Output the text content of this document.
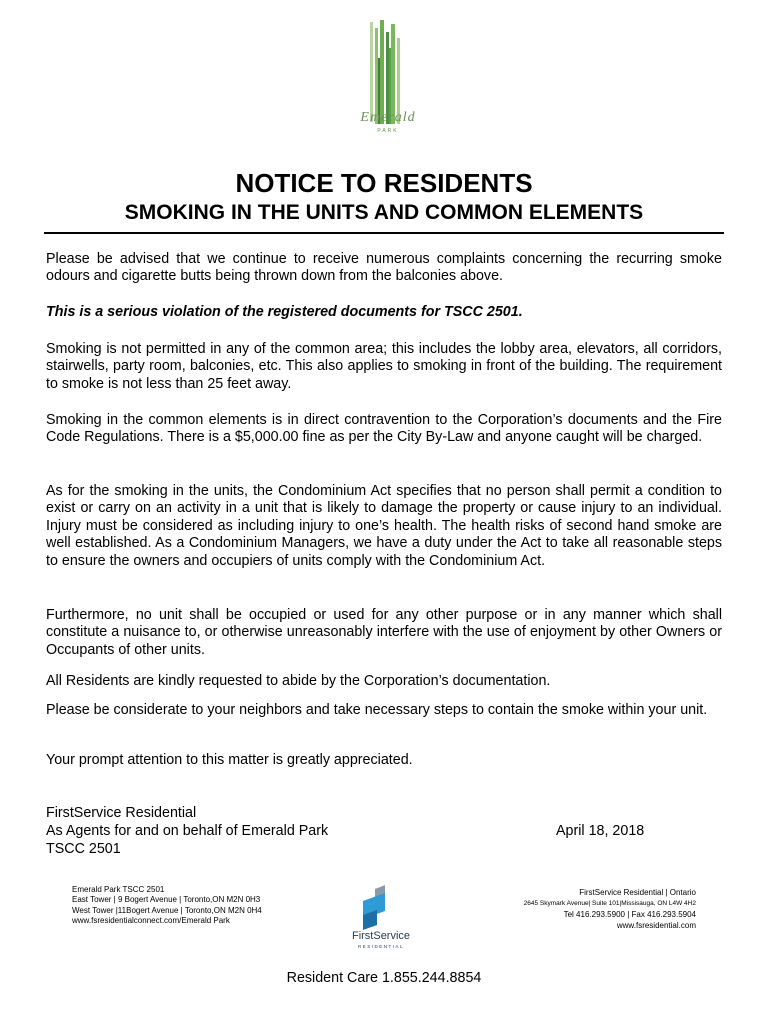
Emerald
PARK
NOTICE TO RESIDENTS
SMOKING IN THE UNITS AND COMMON ELEMENTS

Please be advised that we continue to receive numerous complaints concerning the recurring smoke odours and cigarette butts being thrown down from the balconies above.

This is a serious violation of the registered documents for TSCC 2501.

Smoking is not permitted in any of the common area; this includes the lobby area, elevators, all corridors, stairwells, party room, balconies, etc. This also applies to smoking in front of the building. The requirement to smoke is not less than 25 feet away.

Smoking in the common elements is in direct contravention to the Corporation’s documents and the Fire Code Regulations. There is a $5,000.00 fine as per the City By-Law and anyone caught will be charged.

As for the smoking in the units, the Condominium Act specifies that no person shall permit a condition to exist or carry on an activity in a unit that is likely to damage the property or cause injury to an individual. Injury must be considered as including injury to one’s health. The health risks of second hand smoke are well established. As a Condominium Managers, we have a duty under the Act to take all reasonable steps to ensure the owners and occupiers of units comply with the Condominium Act.

Furthermore, no unit shall be occupied or used for any other purpose or in any manner which shall constitute a nuisance to, or otherwise unreasonably interfere with the use of enjoyment by other Owners or Occupants of other units.

All Residents are kindly requested to abide by the Corporation’s documentation.

Please be considerate to your neighbors and take necessary steps to contain the smoke within your unit.

Your prompt attention to this matter is greatly appreciated.

FirstService Residential

As Agents for and on behalf of Emerald Park

TSCC 2501

April 18, 2018
Emerald Park TSCC 2501
East Tower | 9 Bogert Avenue | Toronto,ON M2N 0H3
West Tower |11Bogert Avenue | Toronto,ON M2N 0H4
www.fsresidentialconnect.com/Emerald Park
FirstService
RESIDENTIAL
FirstService Residential | Ontario
2645 Skymark Avenue| Suite 101|Missisauga, ON L4W 4H2
Tel 416.293.5900 | Fax 416.293.5904
www.fsresidential.com
Resident Care 1.855.244.8854
